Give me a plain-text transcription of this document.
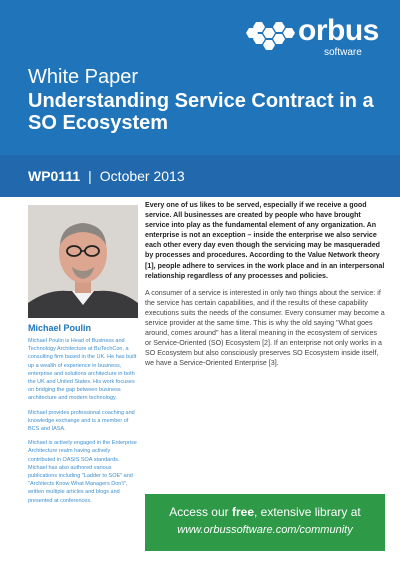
orbus
software
White Paper
Understanding Service Contract in a SO Ecosystem
WP0111 | October 2013
Michael Poulin

Michael Poulin is Head of Business and Technology Architecture at BuTechCon, a consulting firm based in the UK. He has built up a wealth of experience in business, enterprise and solutions architecture in both the UK and United States. His work focuses on bridging the gap between business architecture and modern technology.

Michael provides professional coaching and knowledge exchange and is a member of BCS and IASA.

Michael is actively engaged in the Enterprise Architecture realm having actively contributed in OASIS SOA standards. Michael has also authored various publications including "Ladder to SOE" and "Architects Know What Managers Don't", written multiple articles and blogs and presented at conferences.

Every one of us likes to be served, especially if we receive a good service. All businesses are created by people who have brought service into play as the fundamental element of any organization. An enterprise is not an exception – inside the enterprise we also service each other every day even though the servicing may be masqueraded by processes and procedures. According to the Value Network theory [1], people adhere to services in the work place and in an interpersonal relationship regardless of any processes and policies.

A consumer of a service is interested in only two things about the service: if the service has certain capabilities, and if the results of these capability executions suits the needs of the consumer. Every consumer may become a service provider at the same time. This is why the old saying "What goes around, comes around" has a literal meaning in the ecosystem of services or Service-Oriented (SO) Ecosystem [2]. If an enterprise not only works in a SO Ecosystem but also consciously preserves SO Ecosystem inside itself, we have a Service-Oriented Enterprise [3].

Access our free, extensive library at
www.orbussoftware.com/community
